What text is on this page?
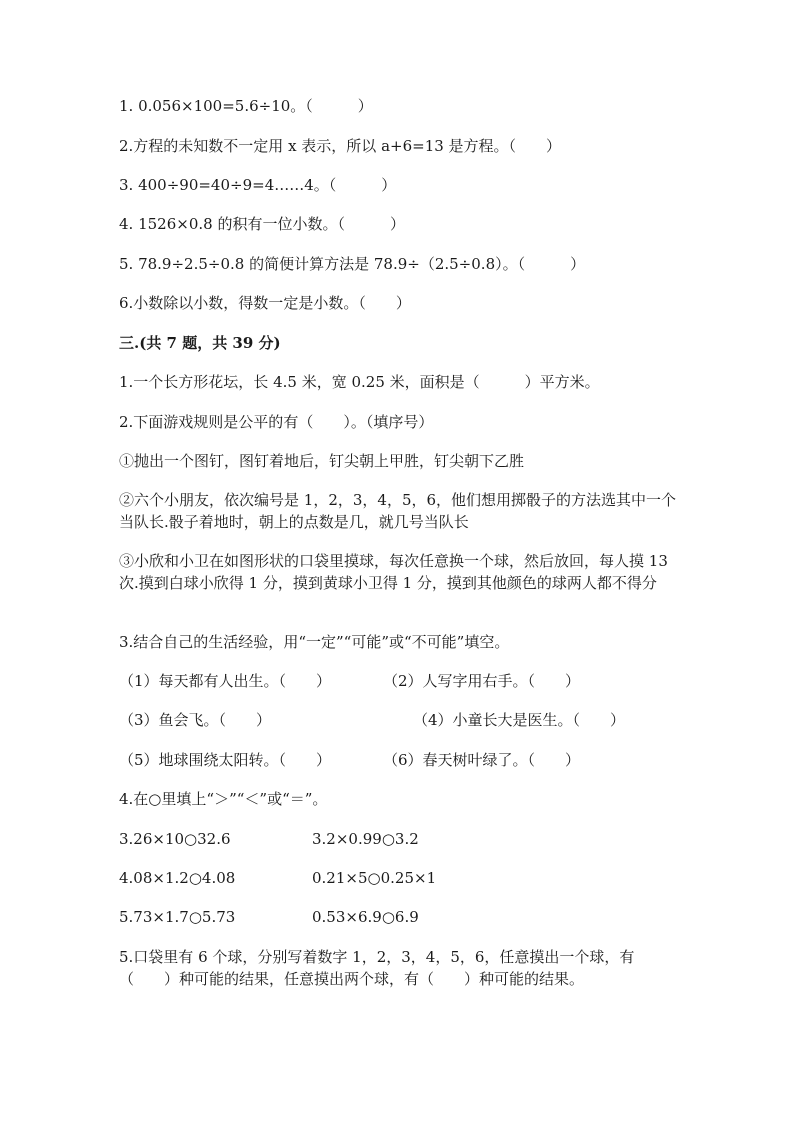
1. 0.056×100=5.6÷10。（　　　）
2.方程的未知数不一定用 x 表示，所以 a+6=13 是方程。（　　）
3. 400÷90=40÷9=4……4。（　　　）
4. 1526×0.8 的积有一位小数。（　　　）
5. 78.9÷2.5÷0.8 的简便计算方法是 78.9÷（2.5÷0.8）。（　　　）
6.小数除以小数，得数一定是小数。（　　）
三.(共 7 题，共 39 分)
1.一个长方形花坛，长 4.5 米，宽 0.25 米，面积是（　　　）平方米。
2.下面游戏规则是公平的有（　　）。（填序号）
①抛出一个图钉，图钉着地后，钉尖朝上甲胜，钉尖朝下乙胜
②六个小朋友，依次编号是 1，2，3，4，5，6，他们想用掷骰子的方法选其中一个当队长.骰子着地时，朝上的点数是几，就几号当队长
③小欣和小卫在如图形状的口袋里摸球，每次任意换一个球，然后放回，每人摸 13 次.摸到白球小欣得 1 分，摸到黄球小卫得 1 分，摸到其他颜色的球两人都不得分
3.结合自己的生活经验，用“一定”“可能”或“不可能”填空。
（1）每天都有人出生。（　　）	（2）人写字用右手。（　　）
（3）鱼会飞。（　　）	（4）小童长大是医生。（　　）
（5）地球围绕太阳转。（　　）	（6）春天树叶绿了。（　　）
4.在○里填上“＞”“＜”或“＝”。
3.26×10○32.6	3.2×0.99○3.2
4.08×1.2○4.08	0.21×5○0.25×1
5.73×1.7○5.73	0.53×6.9○6.9
5.口袋里有 6 个球，分别写着数字 1，2，3，4，5，6，任意摸出一个球，有
（　　）种可能的结果，任意摸出两个球，有（　　）种可能的结果。
